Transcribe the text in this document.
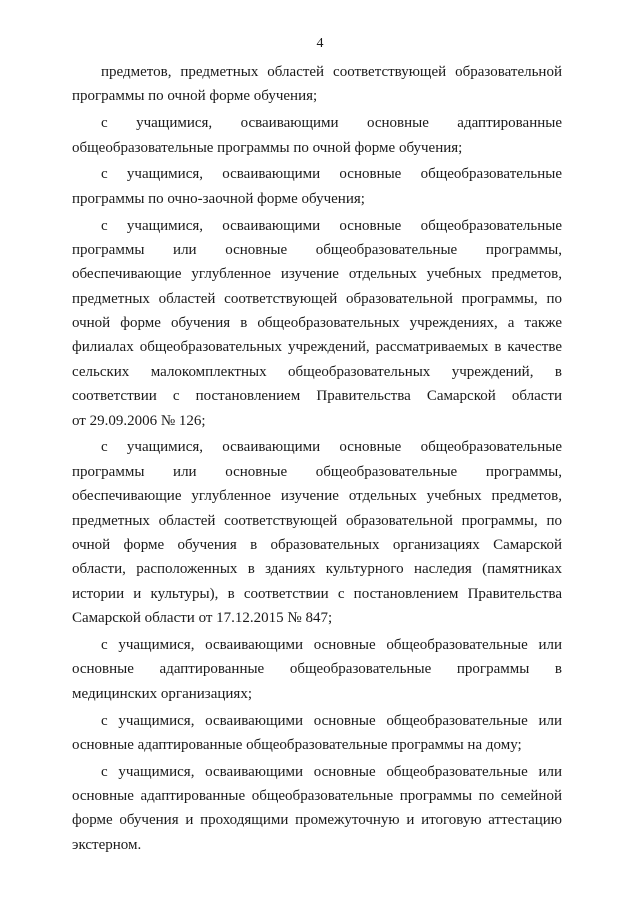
4
предметов, предметных областей соответствующей образовательной
программы по очной форме обучения;
с учащимися, осваивающими основные адаптированные
общеобразовательные программы по очной форме обучения;
с учащимися, осваивающими основные общеобразовательные
программы по очно-заочной форме обучения;
с учащимися, осваивающими основные общеобразовательные
программы или основные общеобразовательные программы,
обеспечивающие углубленное изучение отдельных учебных предметов,
предметных областей соответствующей образовательной программы, по
очной форме обучения в общеобразовательных учреждениях, а также
филиалах общеобразовательных учреждений, рассматриваемых в качестве
сельских малокомплектных общеобразовательных учреждений, в
соответствии с постановлением Правительства Самарской области
от 29.09.2006 № 126;
с учащимися, осваивающими основные общеобразовательные
программы или основные общеобразовательные программы,
обеспечивающие углубленное изучение отдельных учебных предметов,
предметных областей соответствующей образовательной программы, по
очной форме обучения в образовательных организациях Самарской
области, расположенных в зданиях культурного наследия (памятниках
истории и культуры), в соответствии с постановлением Правительства
Самарской области от 17.12.2015 № 847;
с учащимися, осваивающими основные общеобразовательные или
основные адаптированные общеобразовательные программы в
медицинских организациях;
с учащимися, осваивающими основные общеобразовательные или
основные адаптированные общеобразовательные программы на дому;
с учащимися, осваивающими основные общеобразовательные или
основные адаптированные общеобразовательные программы по семейной
форме обучения и проходящими промежуточную и итоговую аттестацию
экстерном.
